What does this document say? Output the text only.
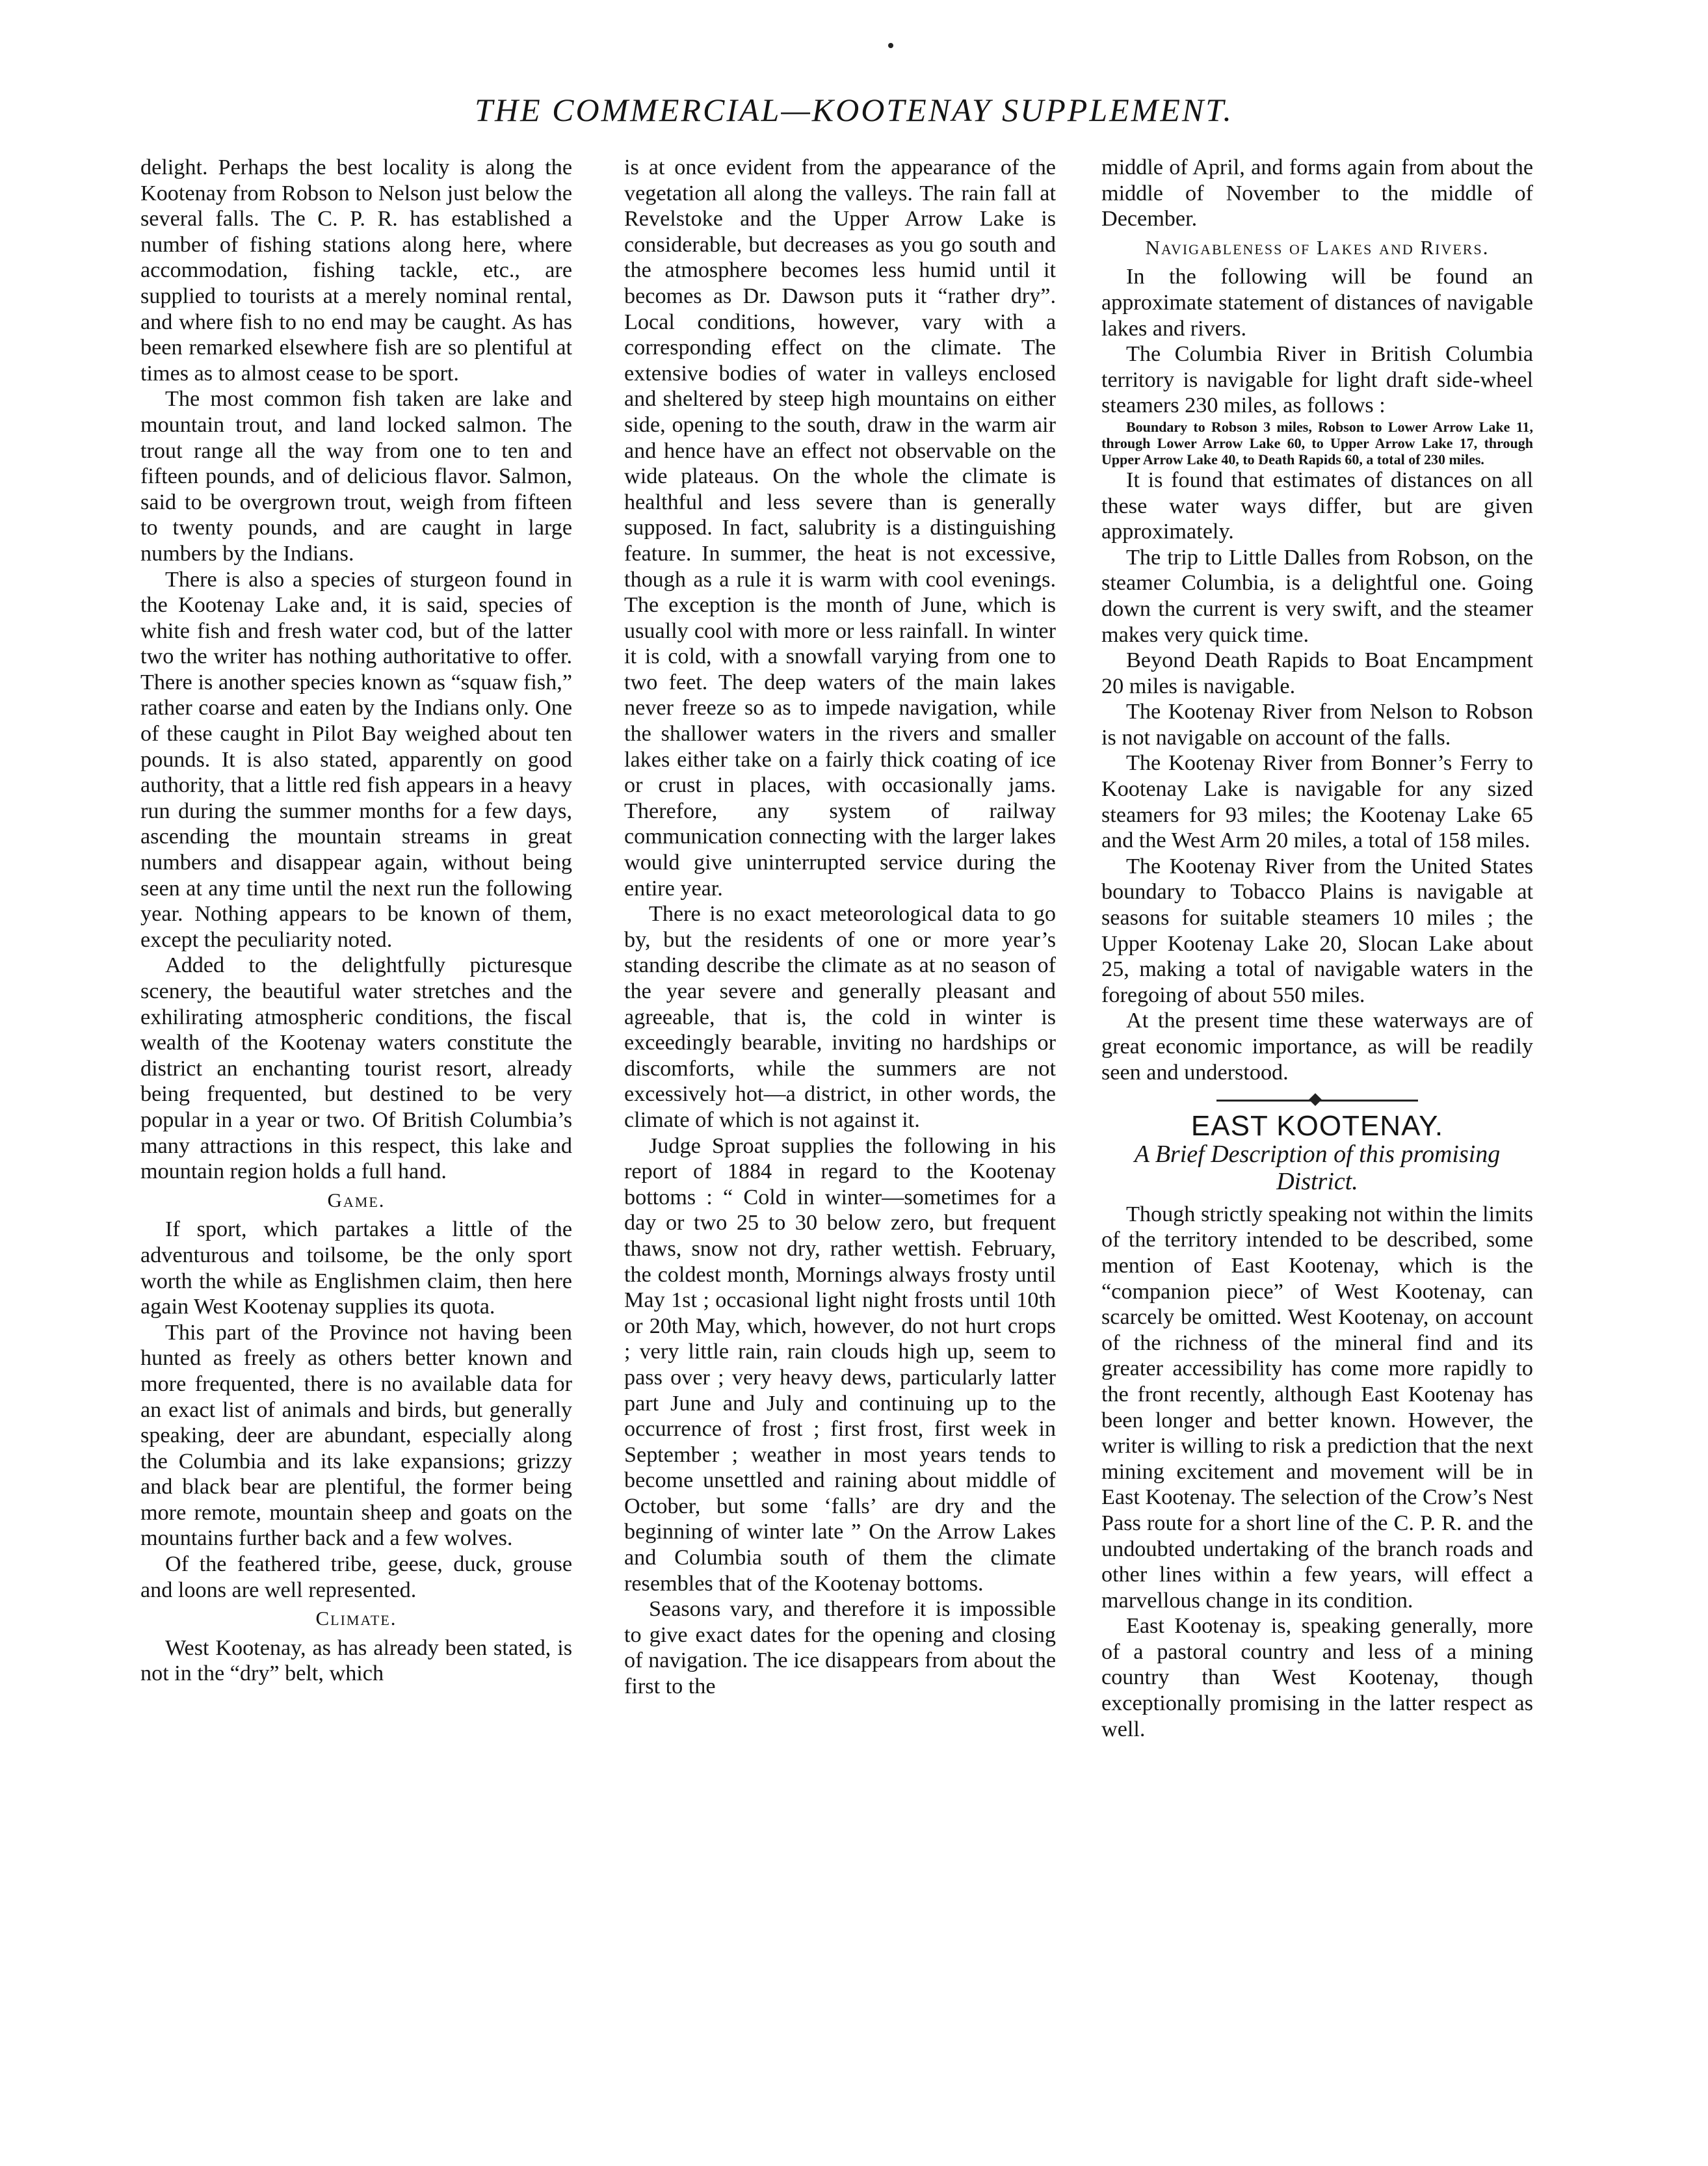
THE COMMERCIAL—KOOTENAY SUPPLEMENT.

delight. Perhaps the best locality is along the Kootenay from Robson to Nelson just below the several falls. The C. P. R. has established a number of fishing stations along here, where accommodation, fishing tackle, etc., are supplied to tourists at a merely nominal rental, and where fish to no end may be caught. As has been remarked elsewhere fish are so plentiful at times as to almost cease to be sport.

The most common fish taken are lake and mountain trout, and land locked salmon. The trout range all the way from one to ten and fifteen pounds, and of delicious flavor. Salmon, said to be overgrown trout, weigh from fifteen to twenty pounds, and are caught in large numbers by the Indians.

There is also a species of sturgeon found in the Kootenay Lake and, it is said, species of white fish and fresh water cod, but of the latter two the writer has nothing authoritative to offer. There is another species known as “squaw fish,” rather coarse and eaten by the Indians only. One of these caught in Pilot Bay weighed about ten pounds. It is also stated, apparently on good authority, that a little red fish appears in a heavy run during the summer months for a few days, ascending the mountain streams in great numbers and disappear again, without being seen at any time until the next run the following year. Nothing appears to be known of them, except the peculiarity noted.

Added to the delightfully picturesque scenery, the beautiful water stretches and the exhilirating atmospheric conditions, the fiscal wealth of the Kootenay waters constitute the district an enchanting tourist resort, already being frequented, but destined to be very popular in a year or two. Of British Columbia’s many attractions in this respect, this lake and mountain region holds a full hand.

Game.

If sport, which partakes a little of the adventurous and toilsome, be the only sport worth the while as Englishmen claim, then here again West Kootenay supplies its quota.

This part of the Province not having been hunted as freely as others better known and more frequented, there is no available data for an exact list of animals and birds, but generally speaking, deer are abundant, especially along the Columbia and its lake expansions; grizzy and black bear are plentiful, the former being more remote, mountain sheep and goats on the mountains further back and a few wolves.

Of the feathered tribe, geese, duck, grouse and loons are well represented.

Climate.

West Kootenay, as has already been stated, is not in the “dry” belt, which

is at once evident from the appearance of the vegetation all along the valleys. The rain fall at Revelstoke and the Upper Arrow Lake is considerable, but decreases as you go south and the atmosphere becomes less humid until it becomes as Dr. Dawson puts it “rather dry”. Local conditions, however, vary with a corresponding effect on the climate. The extensive bodies of water in valleys enclosed and sheltered by steep high mountains on either side, opening to the south, draw in the warm air and hence have an effect not observable on the wide plateaus. On the whole the climate is healthful and less severe than is generally supposed. In fact, salubrity is a distinguishing feature. In summer, the heat is not excessive, though as a rule it is warm with cool evenings. The exception is the month of June, which is usually cool with more or less rainfall. In winter it is cold, with a snowfall varying from one to two feet. The deep waters of the main lakes never freeze so as to impede navigation, while the shallower waters in the rivers and smaller lakes either take on a fairly thick coating of ice or crust in places, with occasionally jams. Therefore, any system of railway communication connecting with the larger lakes would give uninterrupted service during the entire year.

There is no exact meteorological data to go by, but the residents of one or more year’s standing describe the climate as at no season of the year severe and generally pleasant and agreeable, that is, the cold in winter is exceedingly bearable, inviting no hardships or discomforts, while the summers are not excessively hot—a district, in other words, the climate of which is not against it.

Judge Sproat supplies the following in his report of 1884 in regard to the Kootenay bottoms : “ Cold in winter—sometimes for a day or two 25 to 30 below zero, but frequent thaws, snow not dry, rather wettish. February, the coldest month, Mornings always frosty until May 1st ; occasional light night frosts until 10th or 20th May, which, however, do not hurt crops ; very little rain, rain clouds high up, seem to pass over ; very heavy dews, particularly latter part June and July and continuing up to the occurrence of frost ; first frost, first week in September ; weather in most years tends to become unsettled and raining about middle of October, but some ‘falls’ are dry and the beginning of winter late ” On the Arrow Lakes and Columbia south of them the climate resembles that of the Kootenay bottoms.

Seasons vary, and therefore it is impossible to give exact dates for the opening and closing of navigation. The ice disappears from about the first to the

middle of April, and forms again from about the middle of November to the middle of December.

Navigableness of Lakes and Rivers.

In the following will be found an approximate statement of distances of navigable lakes and rivers.

The Columbia River in British Columbia territory is navigable for light draft side-wheel steamers 230 miles, as follows :

Boundary to Robson 3 miles, Robson to Lower Arrow Lake 11, through Lower Arrow Lake 60, to Upper Arrow Lake 17, through Upper Arrow Lake 40, to Death Rapids 60, a total of 230 miles.

It is found that estimates of distances on all these water ways differ, but are given approximately.

The trip to Little Dalles from Robson, on the steamer Columbia, is a delightful one. Going down the current is very swift, and the steamer makes very quick time.

Beyond Death Rapids to Boat Encampment 20 miles is navigable.

The Kootenay River from Nelson to Robson is not navigable on account of the falls.

The Kootenay River from Bonner’s Ferry to Kootenay Lake is navigable for any sized steamers for 93 miles; the Kootenay Lake 65 and the West Arm 20 miles, a total of 158 miles.

The Kootenay River from the United States boundary to Tobacco Plains is navigable at seasons for suitable steamers 10 miles ; the Upper Kootenay Lake 20, Slocan Lake about 25, making a total of navigable waters in the foregoing of about 550 miles.

At the present time these waterways are of great economic importance, as will be readily seen and understood.

EAST KOOTENAY.
A Brief Description of this promising District.

Though strictly speaking not within the limits of the territory intended to be described, some mention of East Kootenay, which is the “companion piece” of West Kootenay, can scarcely be omitted. West Kootenay, on account of the richness of the mineral find and its greater accessibility has come more rapidly to the front recently, although East Kootenay has been longer and better known. However, the writer is willing to risk a prediction that the next mining excitement and movement will be in East Kootenay. The selection of the Crow’s Nest Pass route for a short line of the C. P. R. and the undoubted undertaking of the branch roads and other lines within a few years, will effect a marvellous change in its condition.

East Kootenay is, speaking generally, more of a pastoral country and less of a mining country than West Kootenay, though exceptionally promising in the latter respect as well.
